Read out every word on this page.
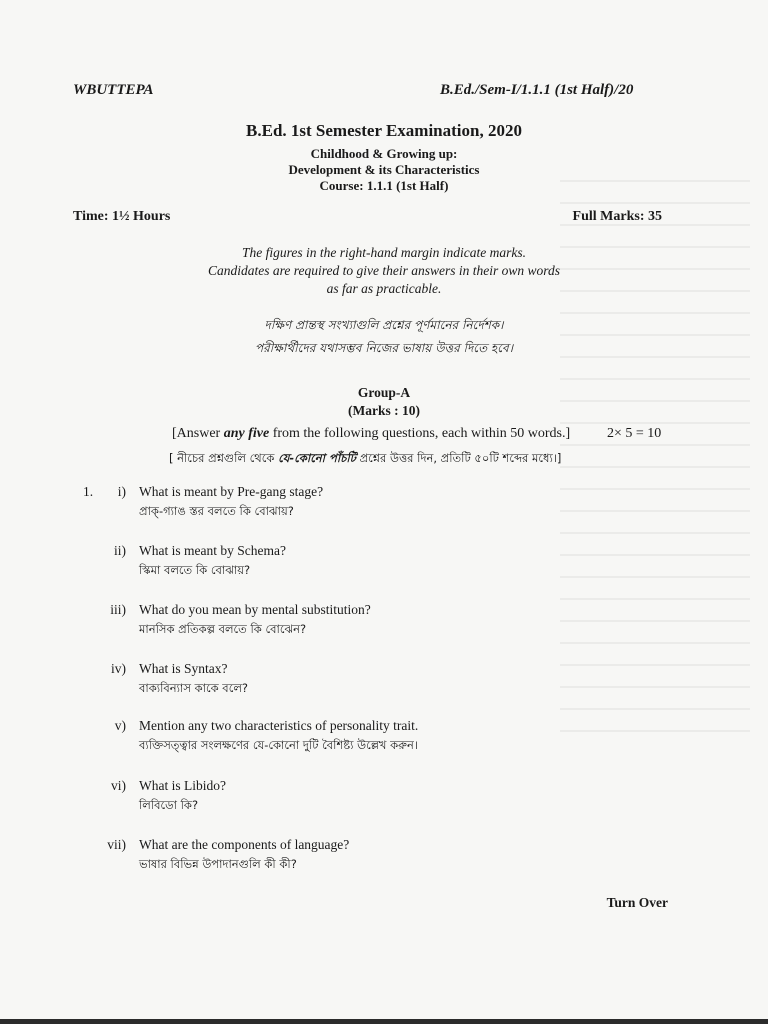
WBUTTEPA	B.Ed./Sem-I/1.1.1 (1st Half)/20
B.Ed. 1st Semester Examination, 2020
Childhood & Growing up:
Development & its Characteristics
Course: 1.1.1 (1st Half)
Time: 1½ Hours	Full Marks: 35
The figures in the right-hand margin indicate marks.
Candidates are required to give their answers in their own words
as far as practicable.
দক্ষিণ প্রান্তস্থ সংখ্যাগুলি প্রশ্নের পূর্ণমানের নির্দেশক।
পরীক্ষার্থীদের যথাসম্ভব নিজের ভাষায় উত্তর দিতে হবে।
Group-A
(Marks : 10)
[Answer any five from the following questions, each within 50 words.]	2× 5 = 10
[ নীচের প্রশ্নগুলি থেকে যে-কোনো পাঁচটি প্রশ্নের উত্তর দিন, প্রতিটি ৫০টি শব্দের মধ্যে।]
1.	i) What is meant by Pre-gang stage?
প্রাক্-গ্যাঙ স্তর বলতে কি বোঝায়?
ii) What is meant by Schema?
স্কিমা বলতে কি বোঝায়?
iii) What do you mean by mental substitution?
মানসিক প্রতিকল্প বলতে কি বোঝেন?
iv) What is Syntax?
বাক্যবিন্যাস কাকে বলে?
v) Mention any two characteristics of personality trait.
ব্যক্তিসত্ত্বার সংলক্ষণের যে-কোনো দুটি বৈশিষ্ট্য উল্লেখ করুন।
vi) What is Libido?
লিবিডো কি?
vii) What are the components of language?
ভাষার বিভিন্ন উপাদানগুলি কী কী?
Turn Over
